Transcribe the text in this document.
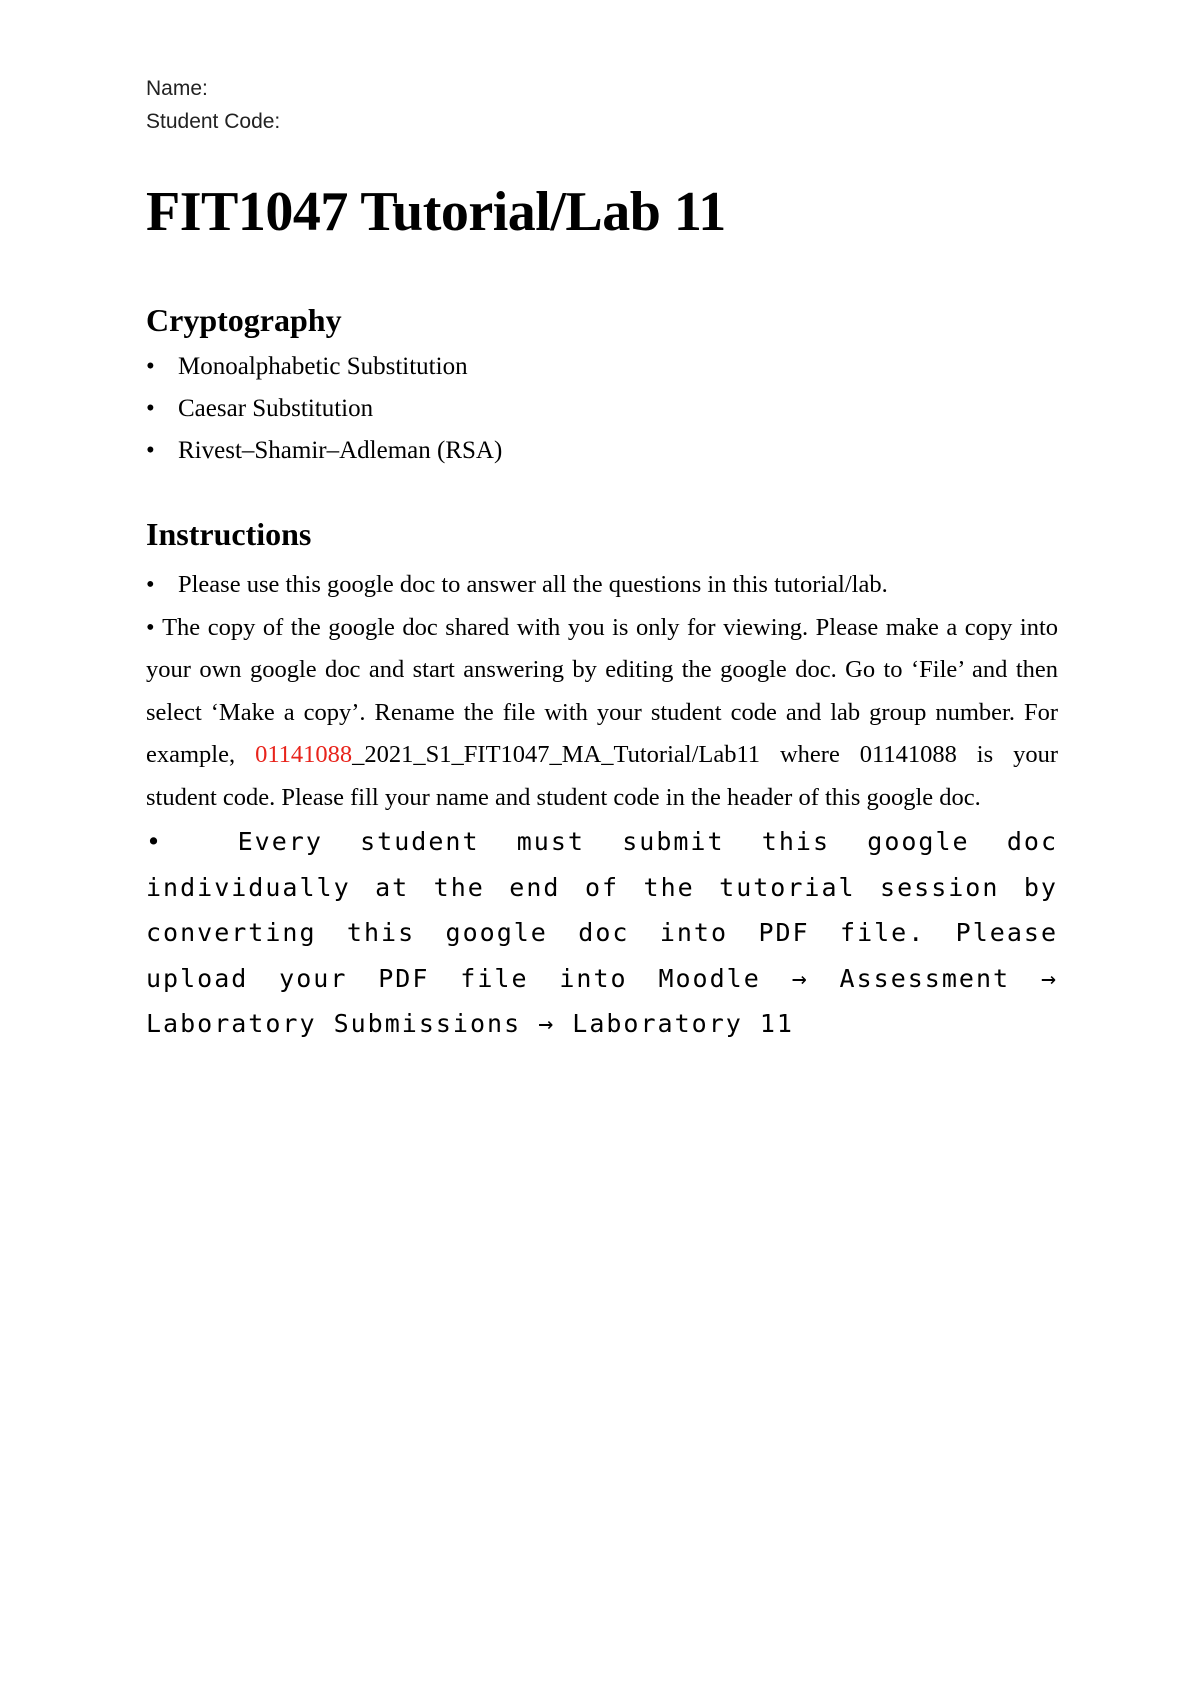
Name:
Student Code:
FIT1047 Tutorial/Lab 11
Cryptography
• Monoalphabetic Substitution
• Caesar Substitution
• Rivest–Shamir–Adleman (RSA)
Instructions

• Please use this google doc to answer all the questions in this tutorial/lab.

• The copy of the google doc shared with you is only for viewing. Please make a copy into your own google doc and start answering by editing the google doc. Go to ‘File’ and then select ‘Make a copy’. Rename the file with your student code and lab group number. For example, 01141088_2021_S1_FIT1047_MA_Tutorial/Lab11 where 01141088 is your student code. Please fill your name and student code in the header of this google doc.

•	Every student must submit this google doc individually at the end of the tutorial session by converting this google doc into PDF file. Please upload your PDF file into Moodle → Assessment → Laboratory Submissions → Laboratory 11
